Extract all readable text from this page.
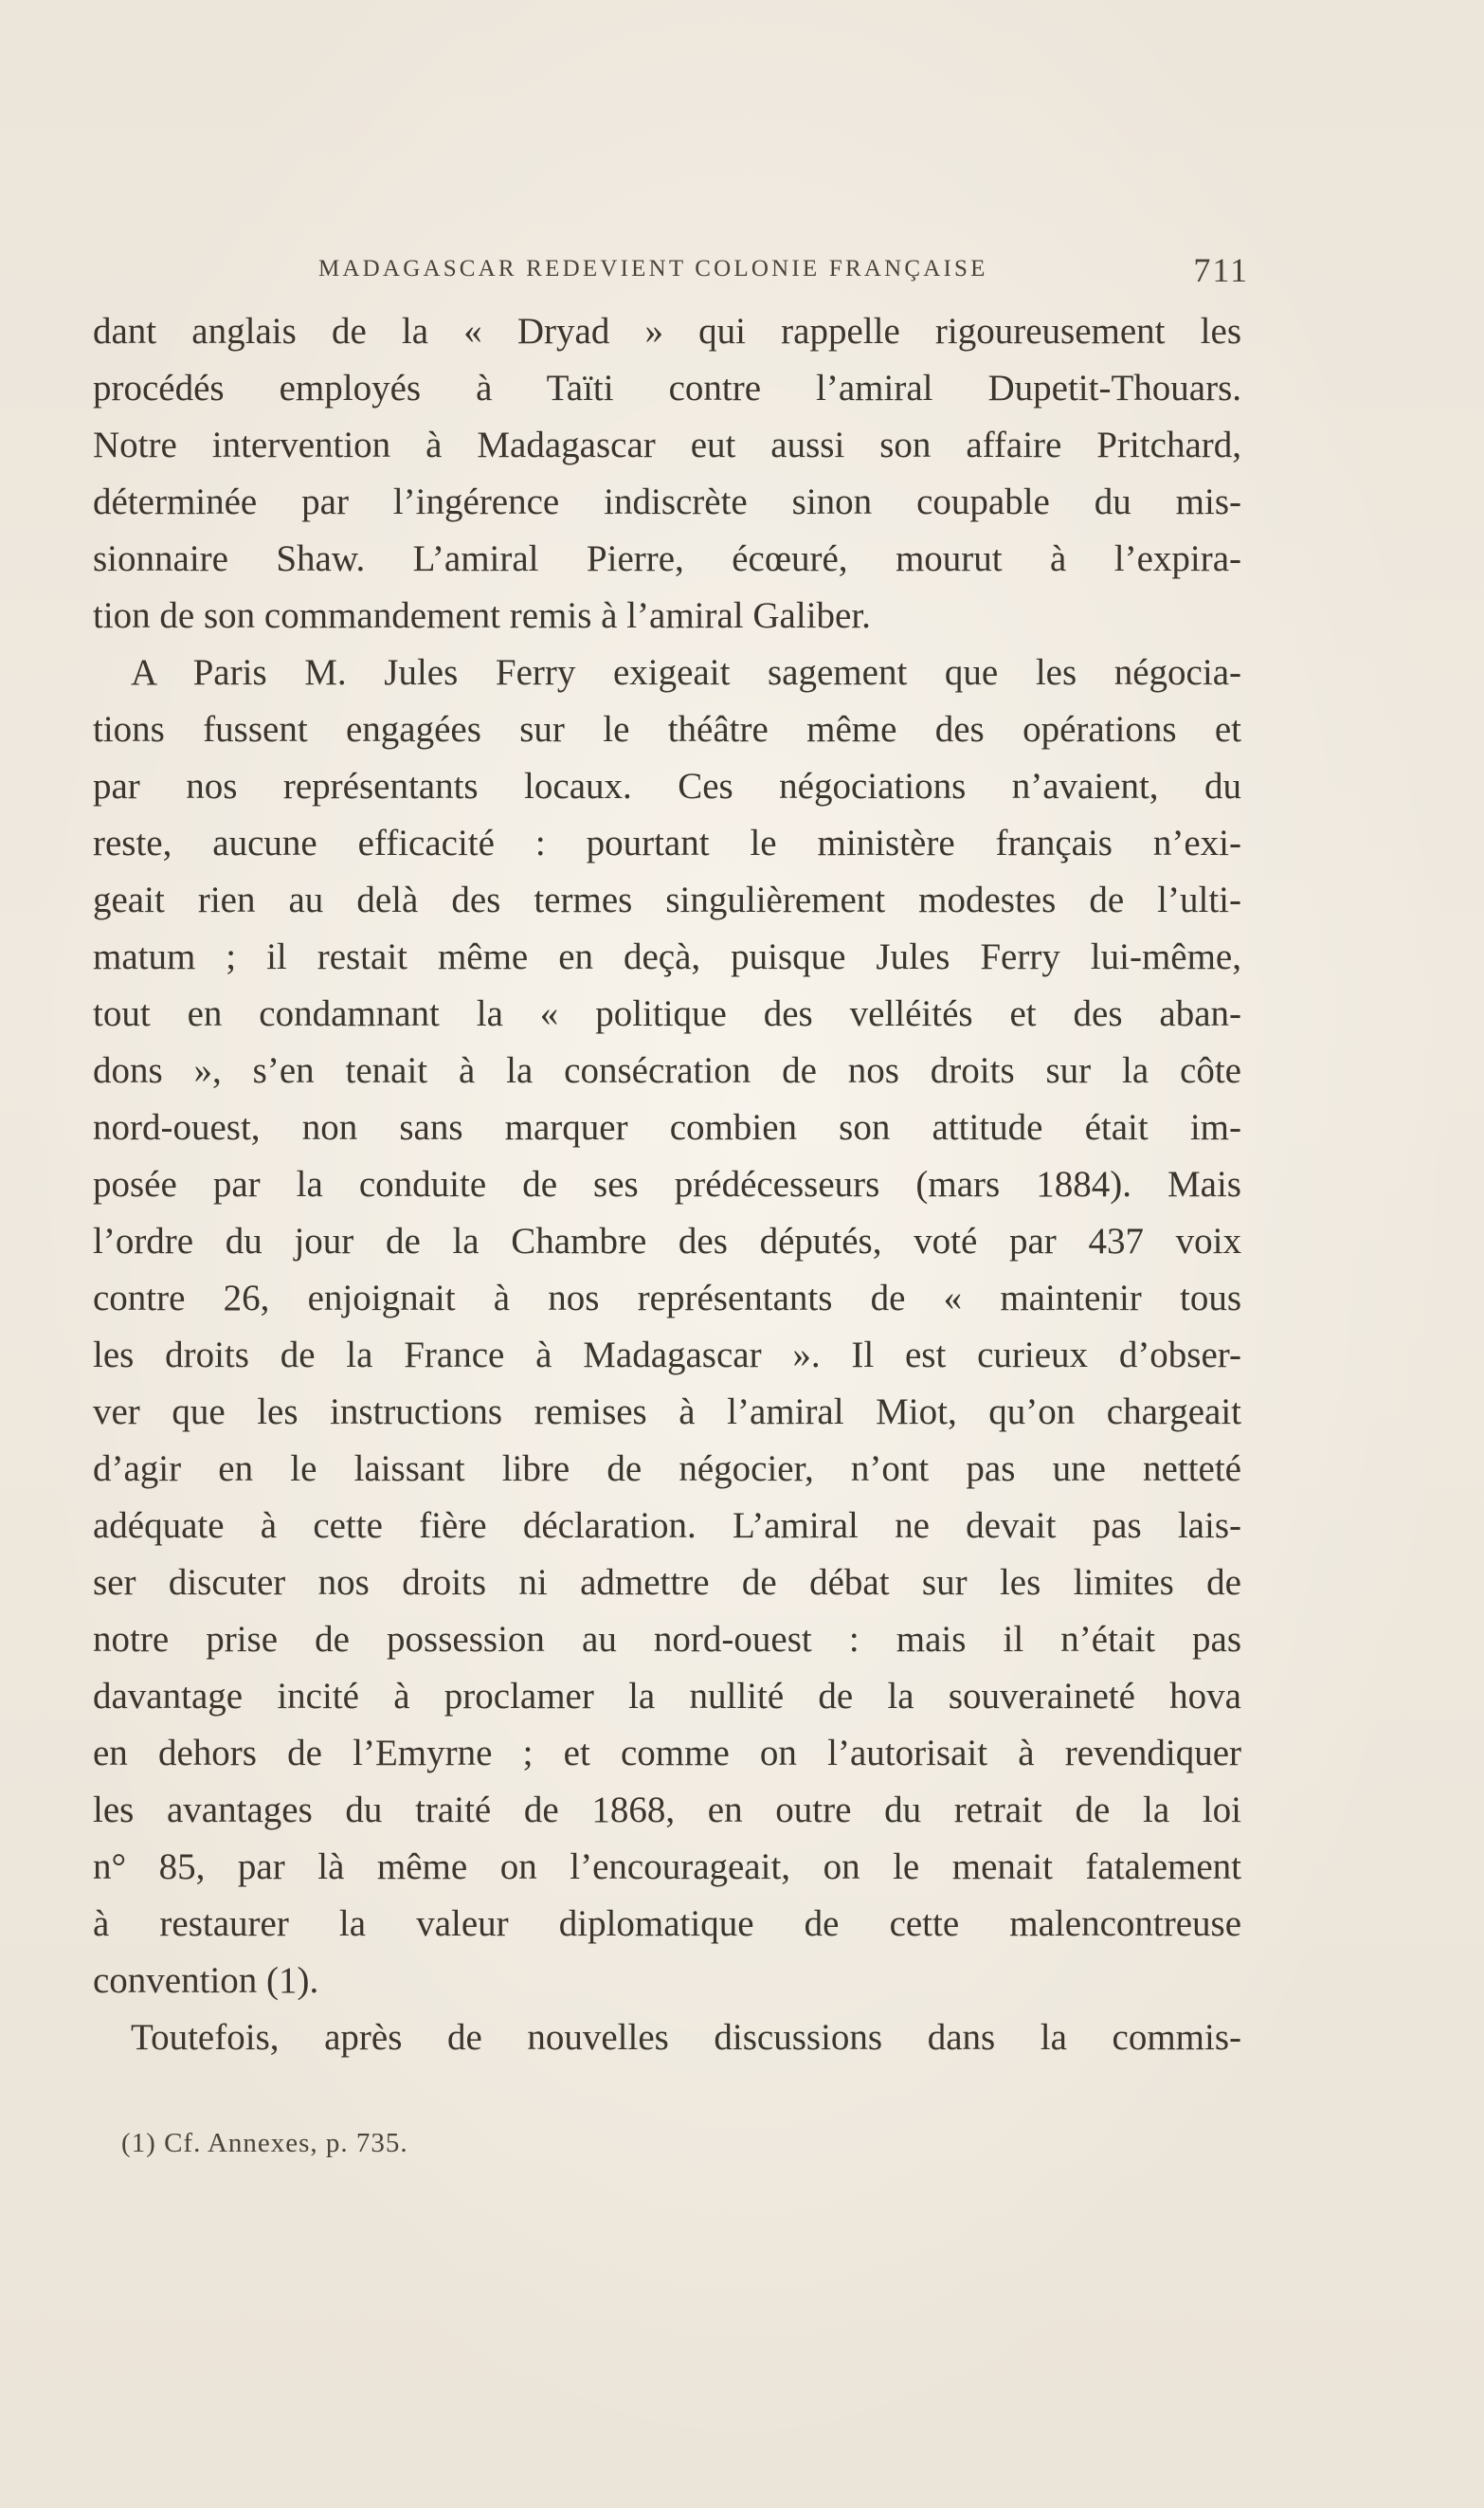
MADAGASCAR REDEVIENT COLONIE FRANÇAISE	711
dant anglais de la « Dryad » qui rappelle rigoureusement les
procédés employés à Taïti contre l’amiral Dupetit-Thouars.
Notre intervention à Madagascar eut aussi son affaire Pritchard,
déterminée par l’ingérence indiscrète sinon coupable du mis-
sionnaire Shaw. L’amiral Pierre, écœuré, mourut à l’expira-
tion de son commandement remis à l’amiral Galiber.
A Paris M. Jules Ferry exigeait sagement que les négocia-
tions fussent engagées sur le théâtre même des opérations et
par nos représentants locaux. Ces négociations n’avaient, du
reste, aucune efficacité : pourtant le ministère français n’exi-
geait rien au delà des termes singulièrement modestes de l’ulti-
matum ; il restait même en deçà, puisque Jules Ferry lui-même,
tout en condamnant la « politique des velléités et des aban-
dons », s’en tenait à la consécration de nos droits sur la côte
nord-ouest, non sans marquer combien son attitude était im-
posée par la conduite de ses prédécesseurs (mars 1884). Mais
l’ordre du jour de la Chambre des députés, voté par 437 voix
contre 26, enjoignait à nos représentants de « maintenir tous
les droits de la France à Madagascar ». Il est curieux d’obser-
ver que les instructions remises à l’amiral Miot, qu’on chargeait
d’agir en le laissant libre de négocier, n’ont pas une netteté
adéquate à cette fière déclaration. L’amiral ne devait pas lais-
ser discuter nos droits ni admettre de débat sur les limites de
notre prise de possession au nord-ouest : mais il n’était pas
davantage incité à proclamer la nullité de la souveraineté hova
en dehors de l’Emyrne ; et comme on l’autorisait à revendiquer
les avantages du traité de 1868, en outre du retrait de la loi
n° 85, par là même on l’encourageait, on le menait fatalement
à restaurer la valeur diplomatique de cette malencontreuse
convention (1).
Toutefois, après de nouvelles discussions dans la commis-
(1) Cf. Annexes, p. 735.
